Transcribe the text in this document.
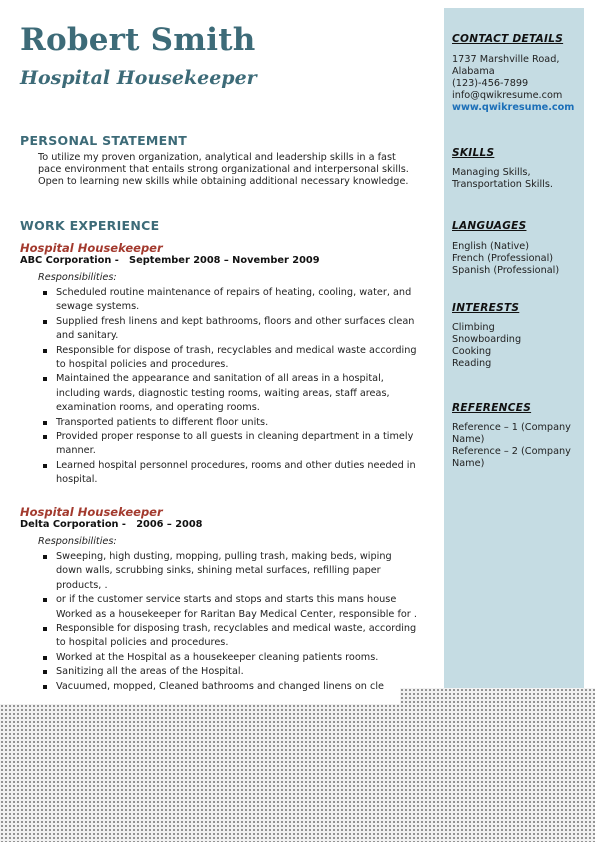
Robert Smith
Hospital Housekeeper
PERSONAL STATEMENT
To utilize my proven organization, analytical and leadership skills in a fast pace environment that entails strong organizational and interpersonal skills. Open to learning new skills while obtaining additional necessary knowledge.
WORK EXPERIENCE
Hospital Housekeeper
ABC Corporation -   September 2008 – November 2009
Responsibilities:
Scheduled routine maintenance of repairs of heating, cooling, water, and sewage systems.
Supplied fresh linens and kept bathrooms, floors and other surfaces clean and sanitary.
Responsible for dispose of trash, recyclables and medical waste according to hospital policies and procedures.
Maintained the appearance and sanitation of all areas in a hospital, including wards, diagnostic testing rooms, waiting areas, staff areas, examination rooms, and operating rooms.
Transported patients to different floor units.
Provided proper response to all guests in cleaning department in a timely manner.
Learned hospital personnel procedures, rooms and other duties needed in hospital.
Hospital Housekeeper
Delta Corporation -   2006 – 2008
Responsibilities:
Sweeping, high dusting, mopping, pulling trash, making beds, wiping down walls, scrubbing sinks, shining metal surfaces, refilling paper products, .
or if the customer service starts and stops and starts this mans house Worked as a housekeeper for Raritan Bay Medical Center, responsible for .
Responsible for disposing trash, recyclables and medical waste, according to hospital policies and procedures.
Worked at the Hospital as a housekeeper cleaning patients rooms.
Sanitizing all the areas of the Hospital.
Vacuumed, mopped, Cleaned bathrooms and changed linens on cle
CONTACT DETAILS
1737 Marshville Road,
Alabama
(123)-456-7899
info@qwikresume.com
www.qwikresume.com
SKILLS
Managing Skills,
Transportation Skills.
LANGUAGES
English (Native)
French (Professional)
Spanish (Professional)
INTERESTS
Climbing
Snowboarding
Cooking
Reading
REFERENCES
Reference – 1 (Company Name)
Reference – 2 (Company Name)
